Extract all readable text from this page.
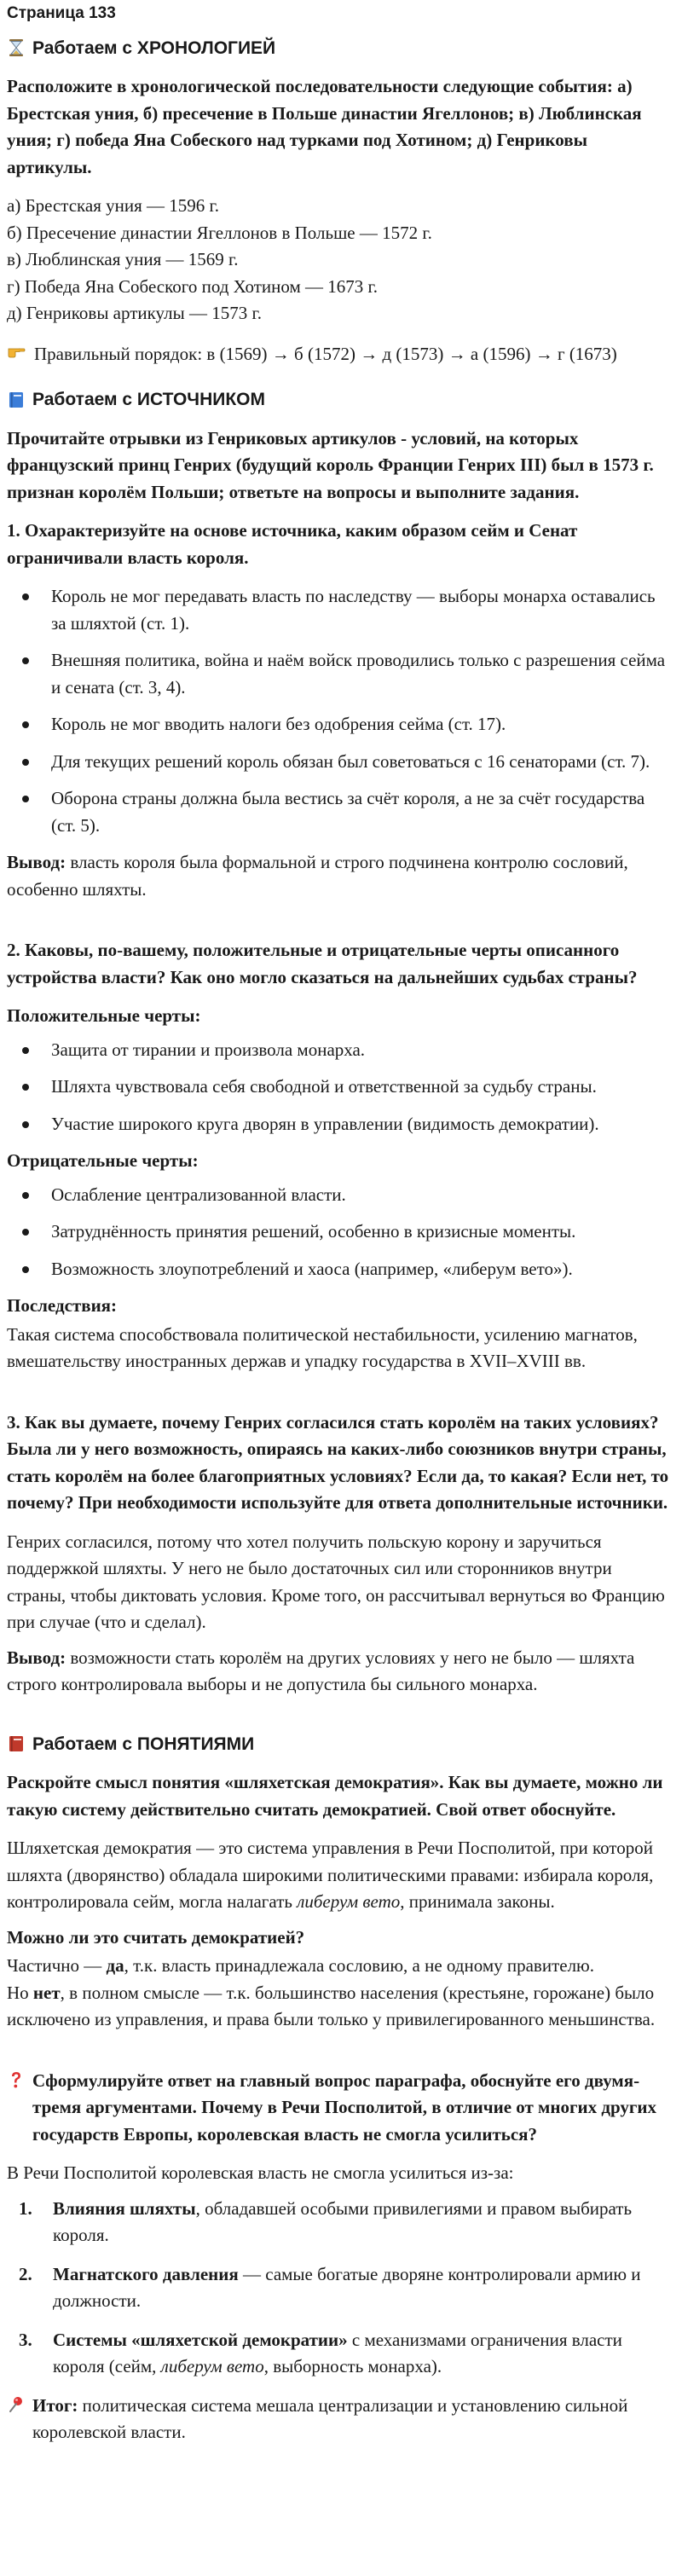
Страница 133
Работаем с ХРОНОЛОГИЕЙ

Расположите в хронологической последовательности следующие события: а) Брестская уния, б) пресечение в Польше династии Ягеллонов; в) Люблинская уния; г) победа Яна Собеского над турками под Хотином; д) Генриковы артикулы.

а) Брестская уния — 1596 г.

б) Пресечение династии Ягеллонов в Польше — 1572 г.

в) Люблинская уния — 1569 г.

г) Победа Яна Собеского под Хотином — 1673 г.

д) Генриковы артикулы — 1573 г.

Правильный порядок: в (1569) → б (1572) → д (1573) → а (1596) → г (1673)
Работаем с ИСТОЧНИКОМ

Прочитайте отрывки из Генриковых артикулов - условий, на которых французский принц Генрих (будущий король Франции Генрих III) был в 1573 г. признан королём Польши; ответьте на вопросы и выполните задания.

1. Охарактеризуйте на основе источника, каким образом сейм и Сенат ограничивали власть короля.

Король не мог передавать власть по наследству — выборы монарха оставались за шляхтой (ст. 1).
Внешняя политика, война и наём войск проводились только с разрешения сейма и сената (ст. 3, 4).
Король не мог вводить налоги без одобрения сейма (ст. 17).
Для текущих решений король обязан был советоваться с 16 сенаторами (ст. 7).
Оборона страны должна была вестись за счёт короля, а не за счёт государства (ст. 5).

Вывод: власть короля была формальной и строго подчинена контролю сословий, особенно шляхты.

2. Каковы, по-вашему, положительные и отрицательные черты описанного устройства власти? Как оно могло сказаться на дальнейших судьбах страны?

Положительные черты:

Защита от тирании и произвола монарха.
Шляхта чувствовала себя свободной и ответственной за судьбу страны.
Участие широкого круга дворян в управлении (видимость демократии).

Отрицательные черты:

Ослабление централизованной власти.
Затруднённость принятия решений, особенно в кризисные моменты.
Возможность злоупотреблений и хаоса (например, «либерум вето»).

Последствия:

Такая система способствовала политической нестабильности, усилению магнатов, вмешательству иностранных держав и упадку государства в XVII–XVIII вв.

3. Как вы думаете, почему Генрих согласился стать королём на таких условиях? Была ли у него возможность, опираясь на каких-либо союзников внутри страны, стать королём на более благоприятных условиях? Если да, то какая? Если нет, то почему? При необходимости используйте для ответа дополнительные источники.

Генрих согласился, потому что хотел получить польскую корону и заручиться поддержкой шляхты. У него не было достаточных сил или сторонников внутри страны, чтобы диктовать условия. Кроме того, он рассчитывал вернуться во Францию при случае (что и сделал).

Вывод: возможности стать королём на других условиях у него не было — шляхта строго контролировала выборы и не допустила бы сильного монарха.

Работаем с ПОНЯТИЯМИ

Раскройте смысл понятия «шляхетская демократия». Как вы думаете, можно ли такую систему действительно считать демократией. Свой ответ обоснуйте.

Шляхетская демократия — это система управления в Речи Посполитой, при которой шляхта (дворянство) обладала широкими политическими правами: избирала короля, контролировала сейм, могла налагать либерум вето, принимала законы.

Можно ли это считать демократией?

Частично — да, т.к. власть принадлежала сословию, а не одному правителю.
Но нет, в полном смысле — т.к. большинство населения (крестьяне, горожане) было исключено из управления, и права были только у привилегированного меньшинства.

Сформулируйте ответ на главный вопрос параграфа, обоснуйте его двумя-тремя аргументами. Почему в Речи Посполитой, в отличие от многих других государств Европы, королевская власть не смогла усилиться?

В Речи Посполитой королевская власть не смогла усилиться из-за:

1. Влияния шляхты, обладавшей особыми привилегиями и правом выбирать короля.
2. Магнатского давления — самые богатые дворяне контролировали армию и должности.
3. Системы «шляхетской демократии» с механизмами ограничения власти короля (сейм, либерум вето, выборность монарха).

Итог: политическая система мешала централизации и установлению сильной королевской власти.
